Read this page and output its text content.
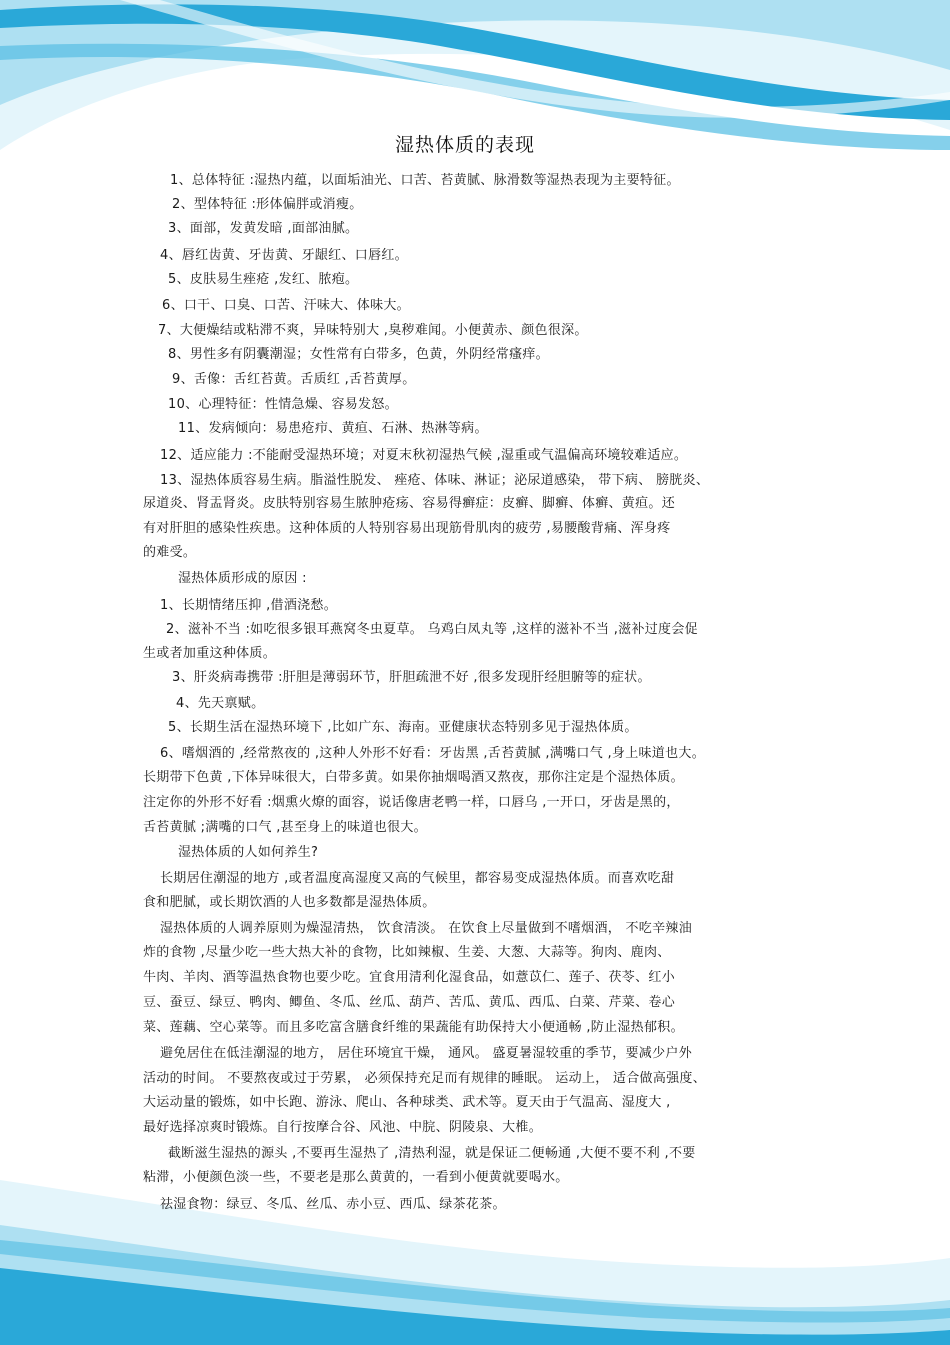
湿热体质的表现
1、总体特征 :湿热内蕴，以面垢油光、口苦、苔黄腻、脉滑数等湿热表现为主要特征。
2、型体特征 :形体偏胖或消瘦。
3、面部，发黄发暗 ,面部油腻。
4、唇红齿黄、牙齿黄、牙龈红、口唇红。
5、皮肤易生痤疮 ,发红、脓疱。
6、口干、口臭、口苦、汗味大、体味大。
7、大便燥结或粘滞不爽，异味特别大 ,臭秽难闻。小便黄赤、颜色很深。
8、男性多有阴囊潮湿；女性常有白带多，色黄，外阴经常瘙痒。
9、舌像：舌红苔黄。舌质红 ,舌苔黄厚。
10、心理特征：性情急燥、容易发怒。
11、发病倾向：易患疮疖、黄疸、石淋、热淋等病。
12、适应能力 :不能耐受湿热环境；对夏末秋初湿热气候 ,湿重或气温偏高环境较难适应。
13、湿热体质容易生病。脂溢性脱发、 痤疮、体味、淋证；泌尿道感染， 带下病、 膀胱炎、
尿道炎、肾盂肾炎。皮肤特别容易生脓肿疮疡、容易得癣症：皮癣、脚癣、体癣、黄疸。还
有对肝胆的感染性疾患。这种体质的人特别容易出现筋骨肌肉的疲劳 ,易腰酸背痛、浑身疼
的难受。
湿热体质形成的原因 :
1、长期情绪压抑 ,借酒浇愁。
2、滋补不当 :如吃很多银耳燕窝冬虫夏草。 乌鸡白凤丸等 ,这样的滋补不当 ,滋补过度会促
生或者加重这种体质。
3、肝炎病毒携带 :肝胆是薄弱环节，肝胆疏泄不好 ,很多发现肝经胆腑等的症状。
4、先天禀赋。
5、长期生活在湿热环境下 ,比如广东、海南。亚健康状态特别多见于湿热体质。
6、嗜烟酒的 ,经常熬夜的 ,这种人外形不好看：牙齿黑 ,舌苔黄腻 ,满嘴口气 ,身上味道也大。
长期带下色黄 ,下体异味很大，白带多黄。如果你抽烟喝酒又熬夜，那你注定是个湿热体质。
注定你的外形不好看 :烟熏火燎的面容，说话像唐老鸭一样，口唇乌 ,一开口，牙齿是黑的，
舌苔黄腻 ;满嘴的口气 ,甚至身上的味道也很大。
湿热体质的人如何养生?
长期居住潮湿的地方 ,或者温度高湿度又高的气候里，都容易变成湿热体质。而喜欢吃甜
食和肥腻，或长期饮酒的人也多数都是湿热体质。
湿热体质的人调养原则为燥湿清热， 饮食清淡。 在饮食上尽量做到不嗜烟酒， 不吃辛辣油
炸的食物 ,尽量少吃一些大热大补的食物，比如辣椒、生姜、大葱、大蒜等。狗肉、鹿肉、
牛肉、羊肉、酒等温热食物也要少吃。宜食用清利化湿食品，如薏苡仁、莲子、茯苓、红小
豆、蚕豆、绿豆、鸭肉、鲫鱼、冬瓜、丝瓜、葫芦、苦瓜、黄瓜、西瓜、白菜、芹菜、卷心
菜、莲藕、空心菜等。而且多吃富含膳食纤维的果蔬能有助保持大小便通畅 ,防止湿热郁积。
避免居住在低洼潮湿的地方， 居住环境宜干燥， 通风。 盛夏暑湿较重的季节，要减少户外
活动的时间。 不要熬夜或过于劳累， 必须保持充足而有规律的睡眠。 运动上， 适合做高强度、
大运动量的锻炼，如中长跑、游泳、爬山、各种球类、武术等。夏天由于气温高、湿度大 ,
最好选择凉爽时锻炼。自行按摩合谷、风池、中脘、阴陵泉、大椎。
截断滋生湿热的源头 ,不要再生湿热了 ,清热利湿，就是保证二便畅通 ,大便不要不利 ,不要
粘滞，小便颜色淡一些，不要老是那么黄黄的，一看到小便黄就要喝水。
祛湿食物：绿豆、冬瓜、丝瓜、赤小豆、西瓜、绿茶花茶。
